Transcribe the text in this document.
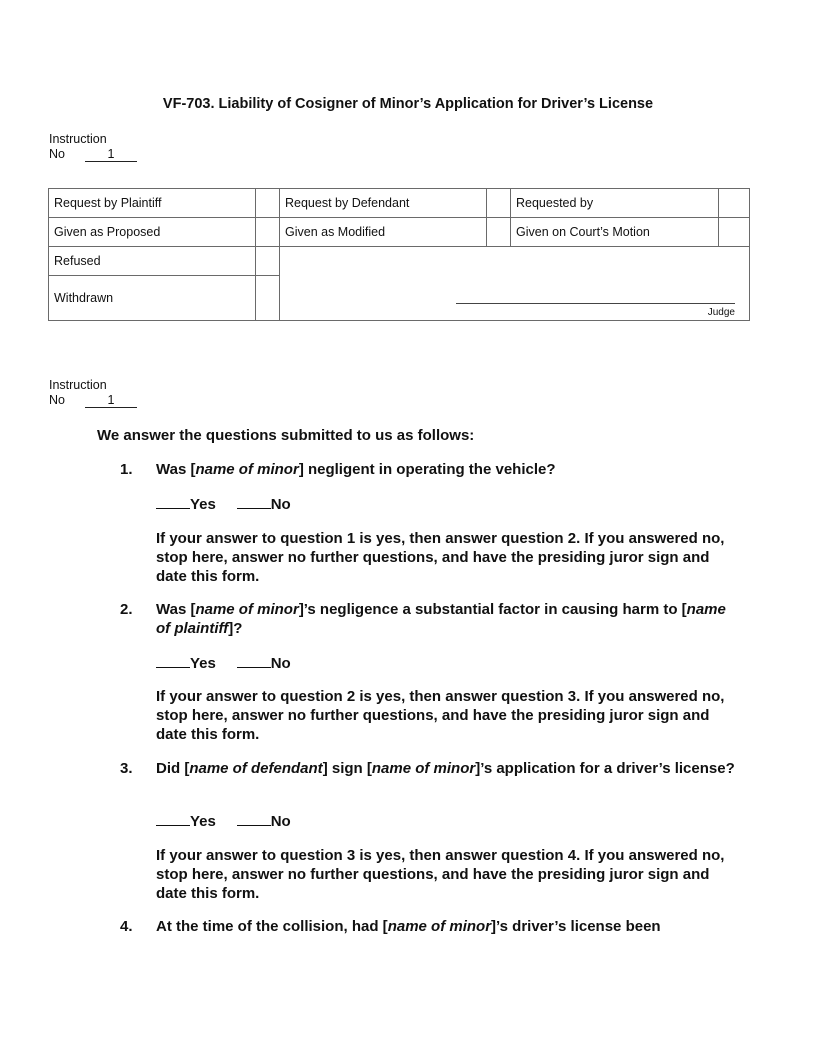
VF-703. Liability of Cosigner of Minor’s Application for Driver’s License
Instruction
No	1
Request by Plaintiff		Request by Defendant		Requested by	
Given as Proposed		Given as Modified		Given on Court’s Motion	
Refused		Judge			

Withdrawn					
Instruction
No	1
We answer the questions submitted to us as follows:
1. Was [name of minor] negligent in operating the vehicle?
Yes	No
If your answer to question 1 is yes, then answer question 2. If you answered no, stop here, answer no further questions, and have the presiding juror sign and date this form.
2. Was [name of minor]’s negligence a substantial factor in causing harm to [name of plaintiff]?
Yes	No
If your answer to question 2 is yes, then answer question 3. If you answered no, stop here, answer no further questions, and have the presiding juror sign and date this form.
3. Did [name of defendant] sign [name of minor]’s application for a driver’s license?
Yes	No
If your answer to question 3 is yes, then answer question 4. If you answered no, stop here, answer no further questions, and have the presiding juror sign and date this form.
4. At the time of the collision, had [name of minor]’s driver’s license been
